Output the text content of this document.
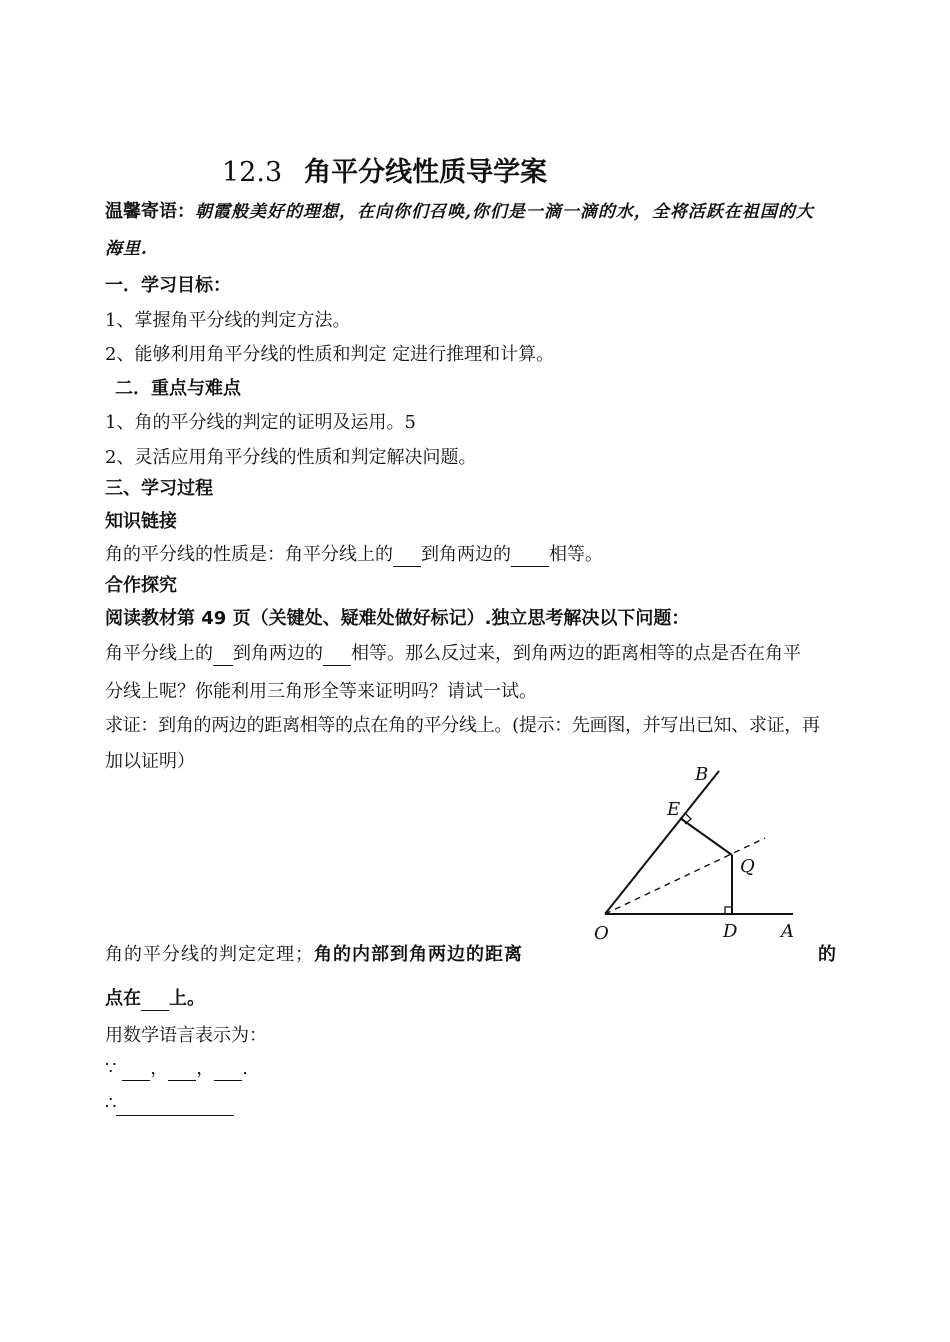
12.3 角平分线性质导学案
温馨寄语：朝霞般美好的理想，在向你们召唤,你们是一滴一滴的水，全将活跃在祖国的大
海里.
一．学习目标：
1、掌握角平分线的判定方法。
2、能够利用角平分线的性质和判定 定进行推理和计算。
二．重点与难点
1、角的平分线的判定的证明及运用。5
2、灵活应用角平分线的性质和判定解决问题。
三、学习过程
知识链接
角的平分线的性质是：角平分线上的 到角两边的 相等。
合作探究
阅读教材第 49 页（关键处、疑难处做好标记）.独立思考解决以下问题：
角平分线上的 到角两边的 相等。那么反过来，到角两边的距离相等的点是否在角平
分线上呢？你能利用三角形全等来证明吗？请试一试。
求证：到角的两边的距离相等的点在角的平分线上。(提示：先画图，并写出已知、求证，再
加以证明）
B
E
Q
O	D A
角的平分线的判定定理；角的内部到角两边的距离	的
点在 上。
用数学语言表示为：
∵ ， ， .
∴
